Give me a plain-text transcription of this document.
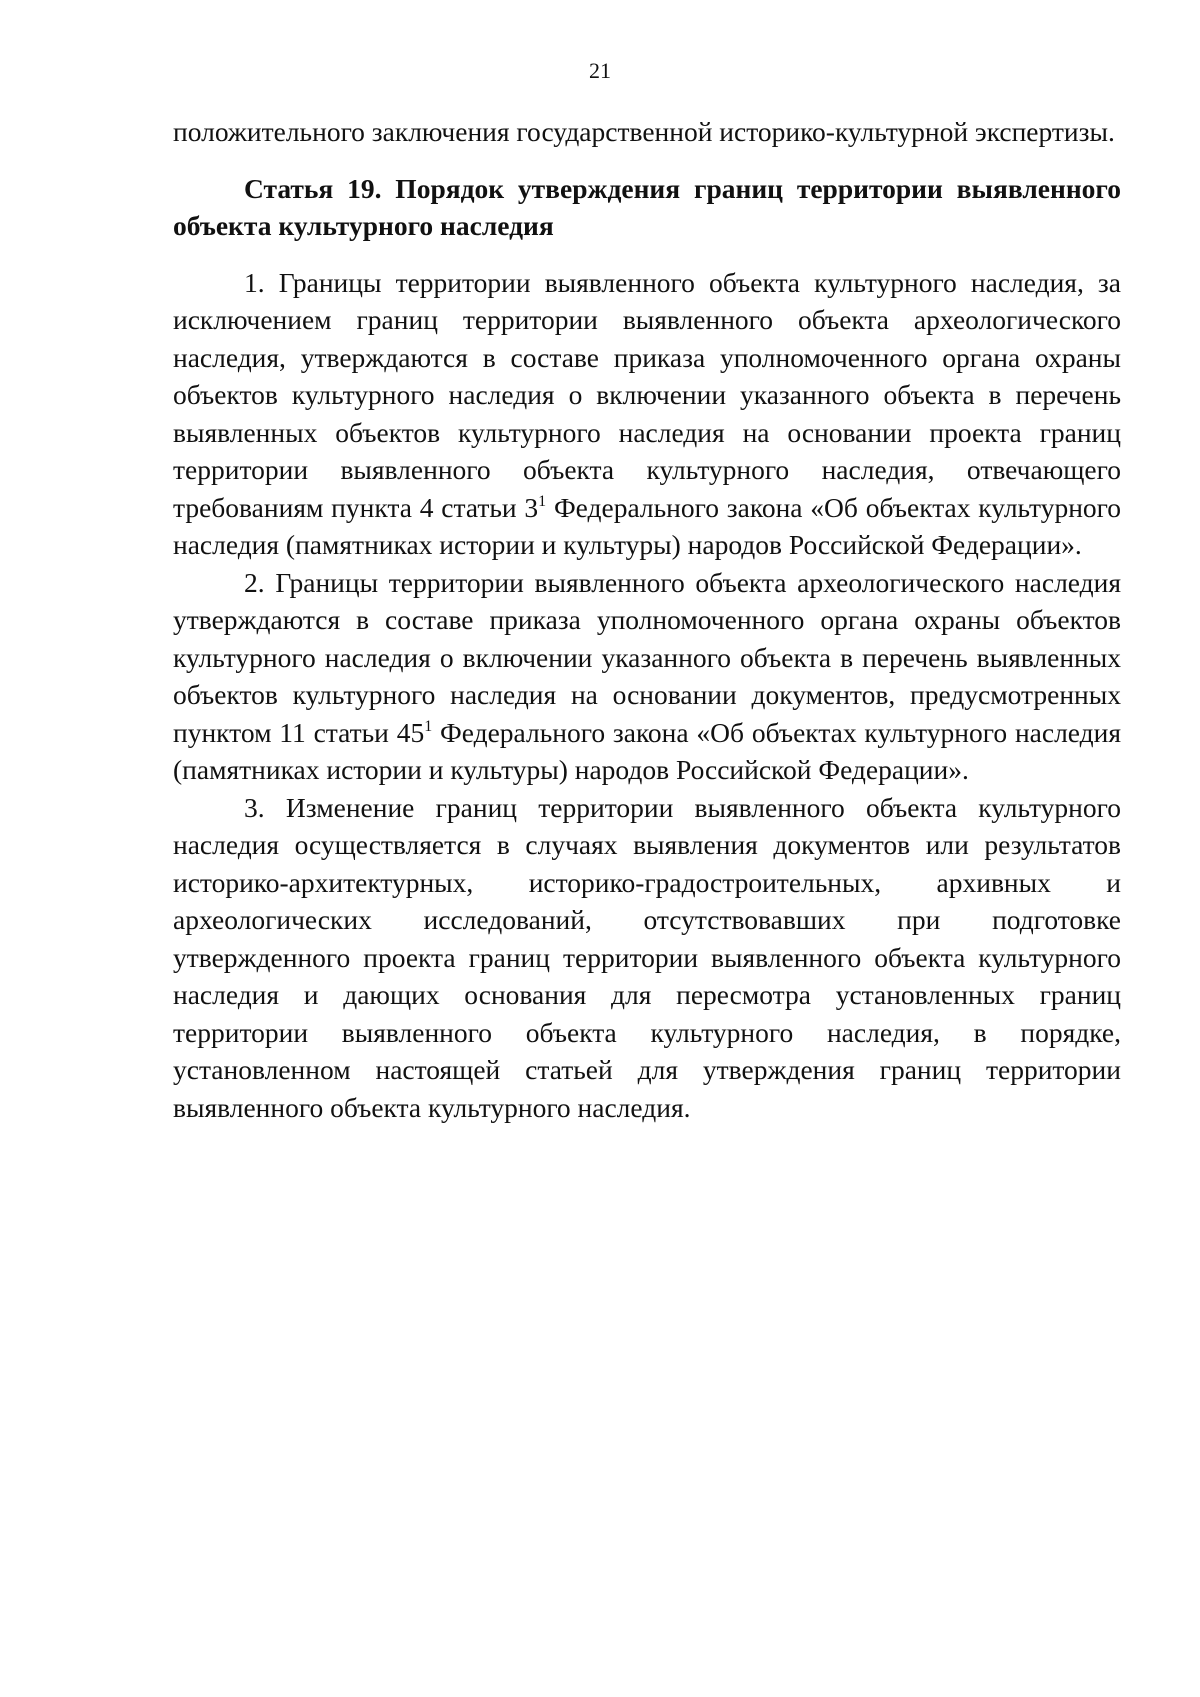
21

положительного заключения государственной историко-культурной экспертизы.

Статья 19. Порядок утверждения границ территории выявленного объекта культурного наследия

1. Границы территории выявленного объекта культурного наследия, за исключением границ территории выявленного объекта археологического наследия, утверждаются в составе приказа уполномоченного органа охраны объектов культурного наследия о включении указанного объекта в перечень выявленных объектов культурного наследия на основании проекта границ территории выявленного объекта культурного наследия, отвечающего требованиям пункта 4 статьи $3^1$ Федерального закона «Об объектах культурного наследия (памятниках истории и культуры) народов Российской Федерации».

2. Границы территории выявленного объекта археологического наследия утверждаются в составе приказа уполномоченного органа охраны объектов культурного наследия о включении указанного объекта в перечень выявленных объектов культурного наследия на основании документов, предусмотренных пунктом 11 статьи $45^1$ Федерального закона «Об объектах культурного наследия (памятниках истории и культуры) народов Российской Федерации».

3. Изменение границ территории выявленного объекта культурного наследия осуществляется в случаях выявления документов или результатов историко-архитектурных, историко-градостроительных, архивных и археологических исследований, отсутствовавших при подготовке утвержденного проекта границ территории выявленного объекта культурного наследия и дающих основания для пересмотра установленных границ территории выявленного объекта культурного наследия, в порядке, установленном настоящей статьей для утверждения границ территории выявленного объекта культурного наследия.
